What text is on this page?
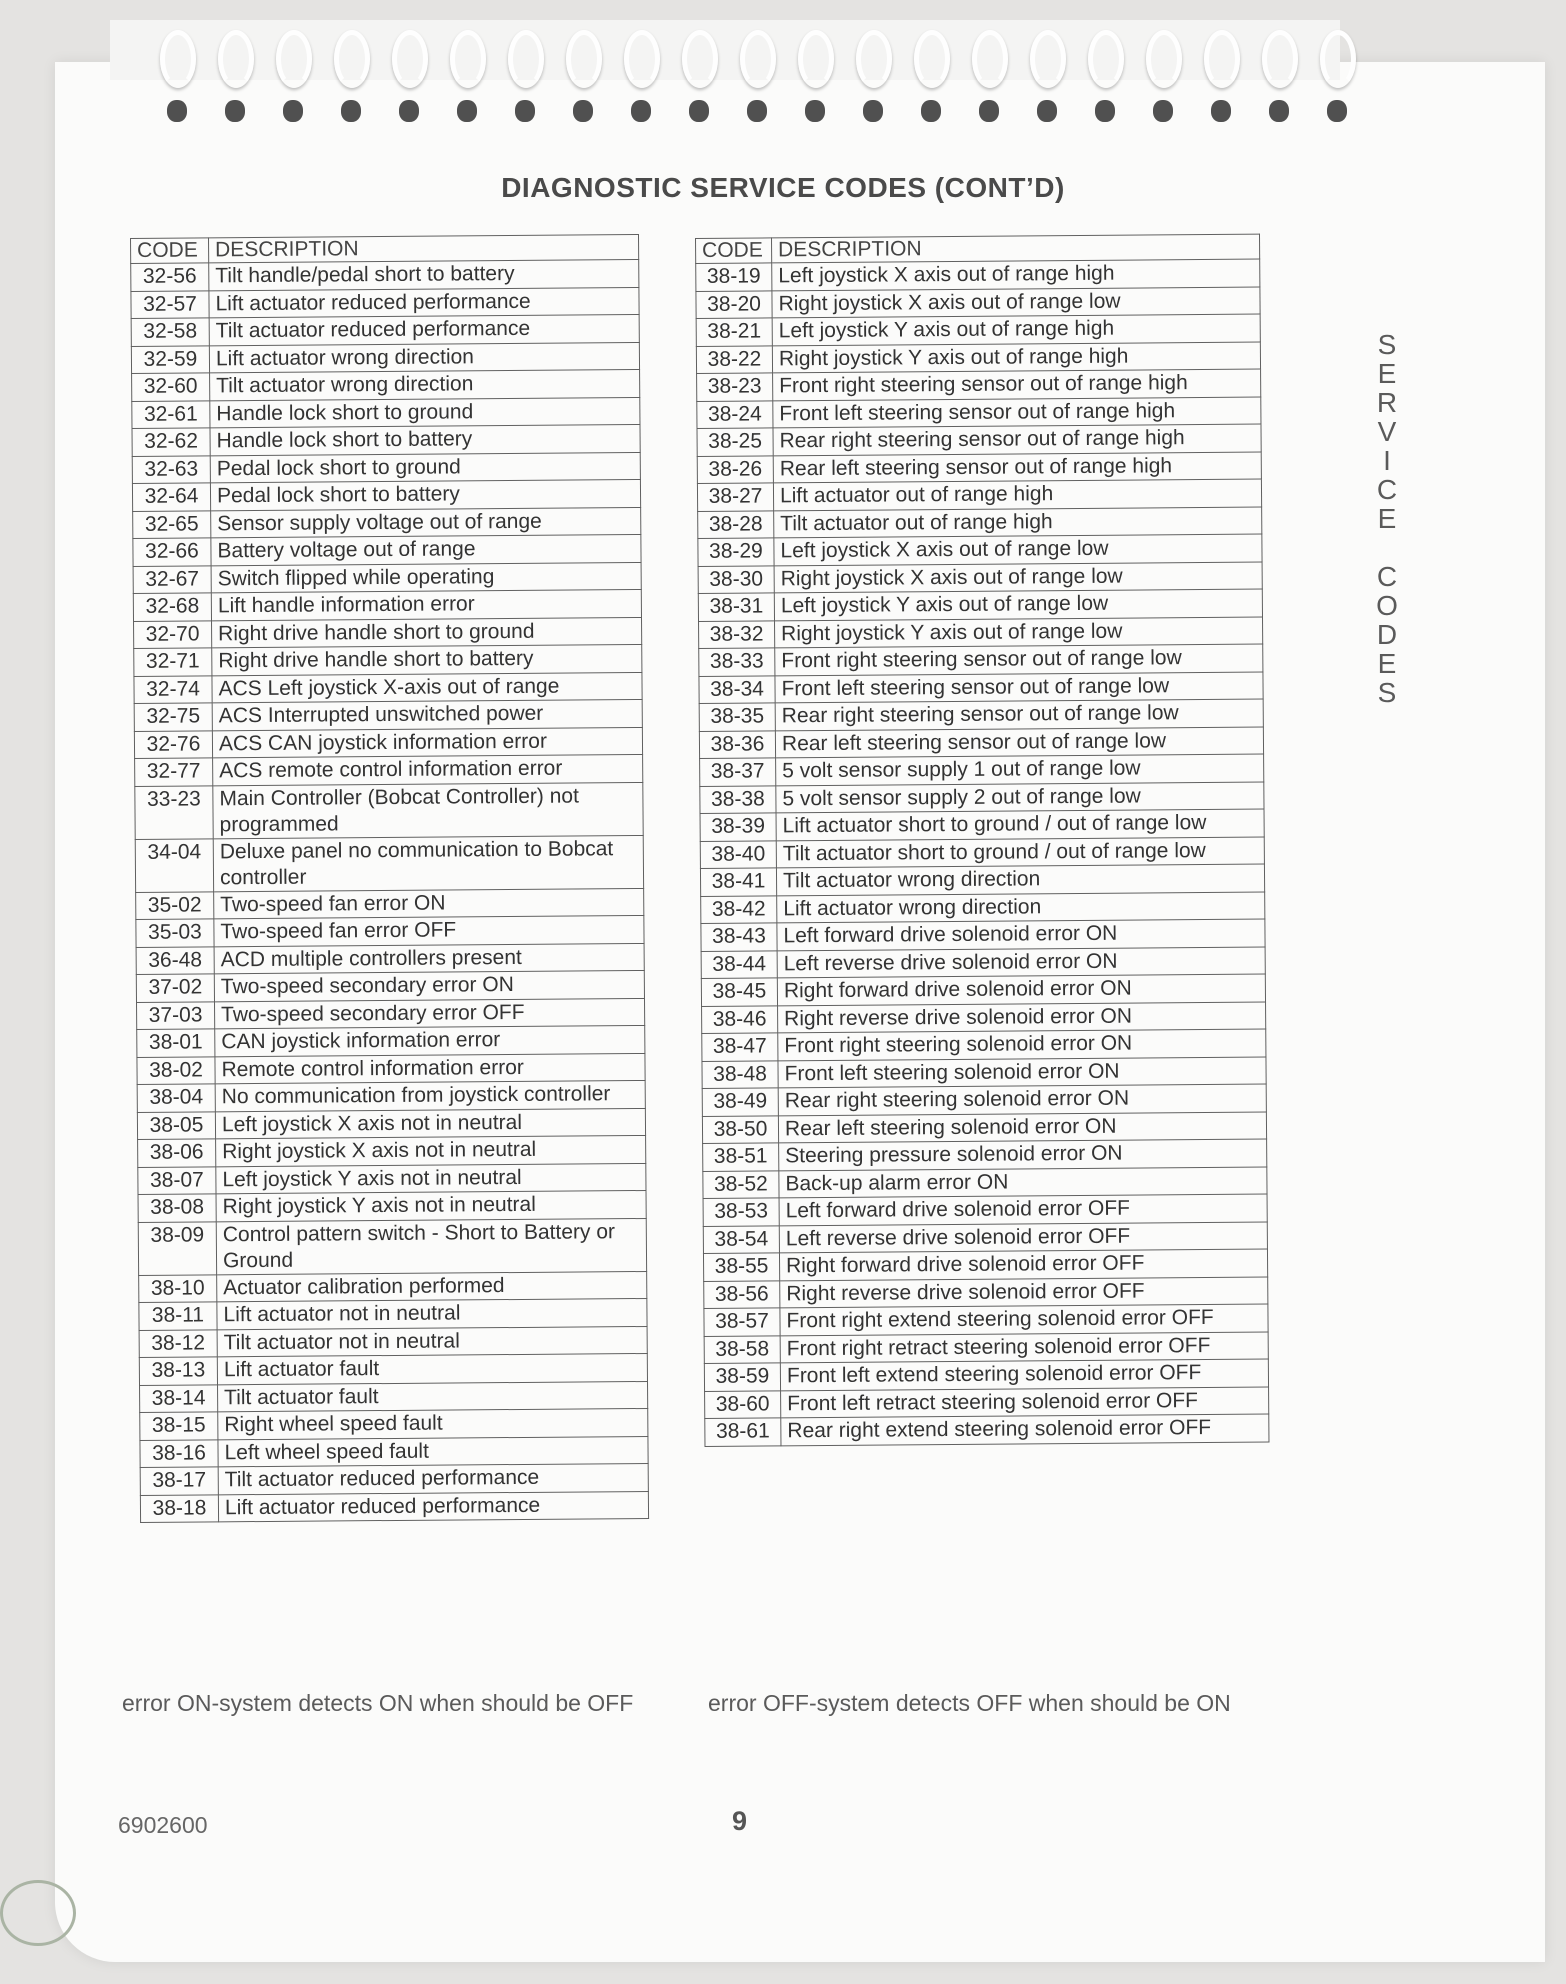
DIAGNOSTIC SERVICE CODES (CONT’D)
S
E
R
V
I
C
E

C
O
D
E
S
CODE	DESCRIPTION
32-56	Tilt handle/pedal short to battery
32-57	Lift actuator reduced performance
32-58	Tilt actuator reduced performance
32-59	Lift actuator wrong direction
32-60	Tilt actuator wrong direction
32-61	Handle lock short to ground
32-62	Handle lock short to battery
32-63	Pedal lock short to ground
32-64	Pedal lock short to battery
32-65	Sensor supply voltage out of range
32-66	Battery voltage out of range
32-67	Switch flipped while operating
32-68	Lift handle information error
32-70	Right drive handle short to ground
32-71	Right drive handle short to battery
32-74	ACS Left joystick X-axis out of range
32-75	ACS Interrupted unswitched power
32-76	ACS CAN joystick information error
32-77	ACS remote control information error
33-23	Main Controller (Bobcat Controller) not programmed
34-04	Deluxe panel no communication to Bobcat controller
35-02	Two-speed fan error ON
35-03	Two-speed fan error OFF
36-48	ACD multiple controllers present
37-02	Two-speed secondary error ON
37-03	Two-speed secondary error OFF
38-01	CAN joystick information error
38-02	Remote control information error
38-04	No communication from joystick controller
38-05	Left joystick X axis not in neutral
38-06	Right joystick X axis not in neutral
38-07	Left joystick Y axis not in neutral
38-08	Right joystick Y axis not in neutral
38-09	Control pattern switch - Short to Battery or Ground
38-10	Actuator calibration performed
38-11	Lift actuator not in neutral
38-12	Tilt actuator not in neutral
38-13	Lift actuator fault
38-14	Tilt actuator fault
38-15	Right wheel speed fault
38-16	Left wheel speed fault
38-17	Tilt actuator reduced performance
38-18	Lift actuator reduced performance
CODE	DESCRIPTION
38-19	Left joystick X axis out of range high
38-20	Right joystick X axis out of range low
38-21	Left joystick Y axis out of range high
38-22	Right joystick Y axis out of range high
38-23	Front right steering sensor out of range high
38-24	Front left steering sensor out of range high
38-25	Rear right steering sensor out of range high
38-26	Rear left steering sensor out of range high
38-27	Lift actuator out of range high
38-28	Tilt actuator out of range high
38-29	Left joystick X axis out of range low
38-30	Right joystick X axis out of range low
38-31	Left joystick Y axis out of range low
38-32	Right joystick Y axis out of range low
38-33	Front right steering sensor out of range low
38-34	Front left steering sensor out of range low
38-35	Rear right steering sensor out of range low
38-36	Rear left steering sensor out of range low
38-37	5 volt sensor supply 1 out of range low
38-38	5 volt sensor supply 2 out of range low
38-39	Lift actuator short to ground / out of range low
38-40	Tilt actuator short to ground / out of range low
38-41	Tilt actuator wrong direction
38-42	Lift actuator wrong direction
38-43	Left forward drive solenoid error ON
38-44	Left reverse drive solenoid error ON
38-45	Right forward drive solenoid error ON
38-46	Right reverse drive solenoid error ON
38-47	Front right steering solenoid error ON
38-48	Front left steering solenoid error ON
38-49	Rear right steering solenoid error ON
38-50	Rear left steering solenoid error ON
38-51	Steering pressure solenoid error ON
38-52	Back-up alarm error ON
38-53	Left forward drive solenoid error OFF
38-54	Left reverse drive solenoid error OFF
38-55	Right forward drive solenoid error OFF
38-56	Right reverse drive solenoid error OFF
38-57	Front right extend steering solenoid error OFF
38-58	Front right retract steering solenoid error OFF
38-59	Front left extend steering solenoid error OFF
38-60	Front left retract steering solenoid error OFF
38-61	Rear right extend steering solenoid error OFF
error ON-system detects ON when should be OFF	error OFF-system detects OFF when should be ON
6902600	9
